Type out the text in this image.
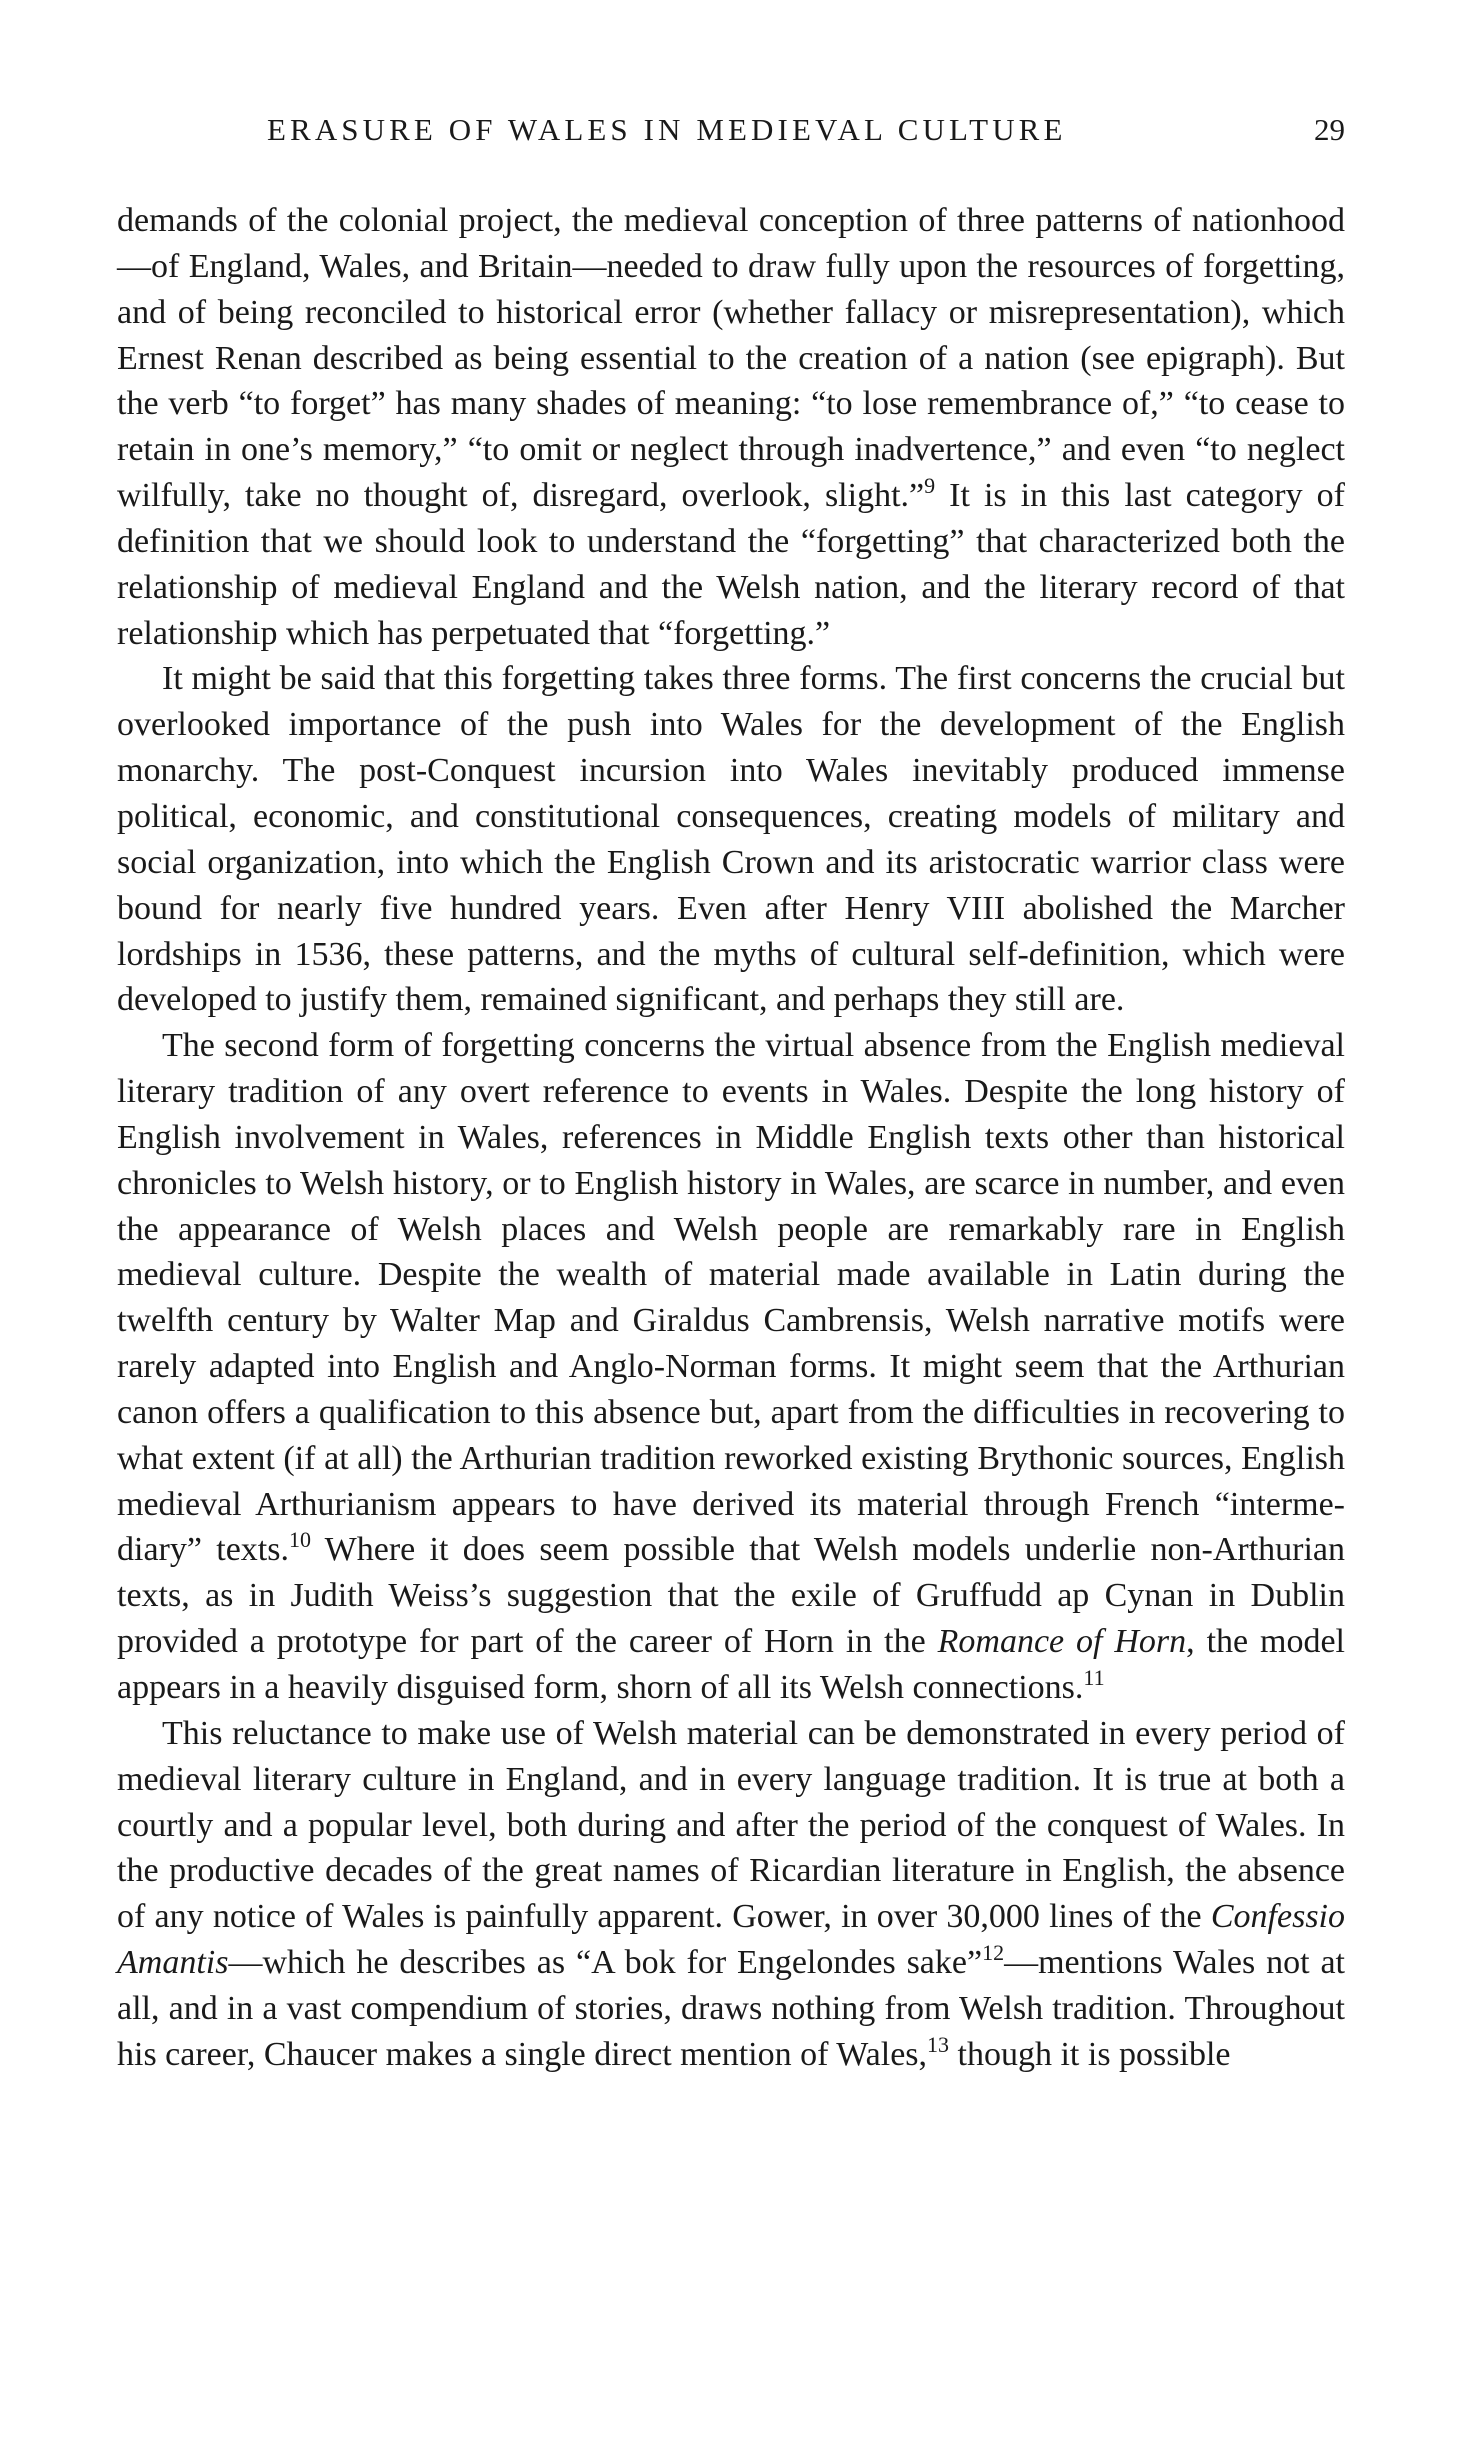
ERASURE OF WALES IN MEDIEVAL CULTURE	29

demands of the colonial project, the medieval conception of three patterns of nationhood—of England, Wales, and Britain—needed to draw fully upon the resources of forgetting, and of being reconciled to historical error (whether fallacy or misrepresentation), which Ernest Renan described as being essential to the creation of a nation (see epigraph). But the verb “to forget” has many shades of meaning: “to lose remembrance of,” “to cease to retain in one’s memory,” “to omit or neglect through inadvertence,” and even “to neglect wilfully, take no thought of, disregard, overlook, slight.”$^9$ It is in this last category of definition that we should look to understand the “forgetting” that characterized both the relationship of medieval England and the Welsh nation, and the literary record of that relationship which has perpetuated that “forgetting.”

It might be said that this forgetting takes three forms. The first concerns the crucial but overlooked importance of the push into Wales for the development of the English monarchy. The post-Conquest incursion into Wales inevitably produced immense political, economic, and constitutional consequences, creating models of military and social organization, into which the English Crown and its aristocratic warrior class were bound for nearly five hundred years. Even after Henry VIII abolished the Marcher lordships in 1536, these patterns, and the myths of cultural self-definition, which were developed to justify them, remained significant, and perhaps they still are.

The second form of forgetting concerns the virtual absence from the English medieval literary tradition of any overt reference to events in Wales. Despite the long history of English involvement in Wales, references in Middle English texts other than historical chronicles to Welsh history, or to English history in Wales, are scarce in number, and even the appearance of Welsh places and Welsh people are remarkably rare in English medieval culture. Despite the wealth of material made available in Latin during the twelfth century by Walter Map and Giraldus Cambrensis, Welsh narrative motifs were rarely adapted into English and Anglo-Norman forms. It might seem that the Arthurian canon offers a qualification to this absence but, apart from the difficulties in recovering to what extent (if at all) the Arthurian tradition reworked existing Brythonic sources, English medieval Arthurianism appears to have derived its material through French “intermediary” texts.$^{10}$ Where it does seem possible that Welsh models underlie non-Arthurian texts, as in Judith Weiss’s suggestion that the exile of Gruffudd ap Cynan in Dublin provided a prototype for part of the career of Horn in the Romance of Horn, the model appears in a heavily disguised form, shorn of all its Welsh connections.$^{11}$

This reluctance to make use of Welsh material can be demonstrated in every period of medieval literary culture in England, and in every language tradition. It is true at both a courtly and a popular level, both during and after the period of the conquest of Wales. In the productive decades of the great names of Ricardian literature in English, the absence of any notice of Wales is painfully apparent. Gower, in over 30,000 lines of the Confessio Amantis—which he describes as “A bok for Engelondes sake”$^{12}$—mentions Wales not at all, and in a vast compendium of stories, draws nothing from Welsh tradition. Throughout his career, Chaucer makes a single direct mention of Wales,$^{13}$ though it is possible
